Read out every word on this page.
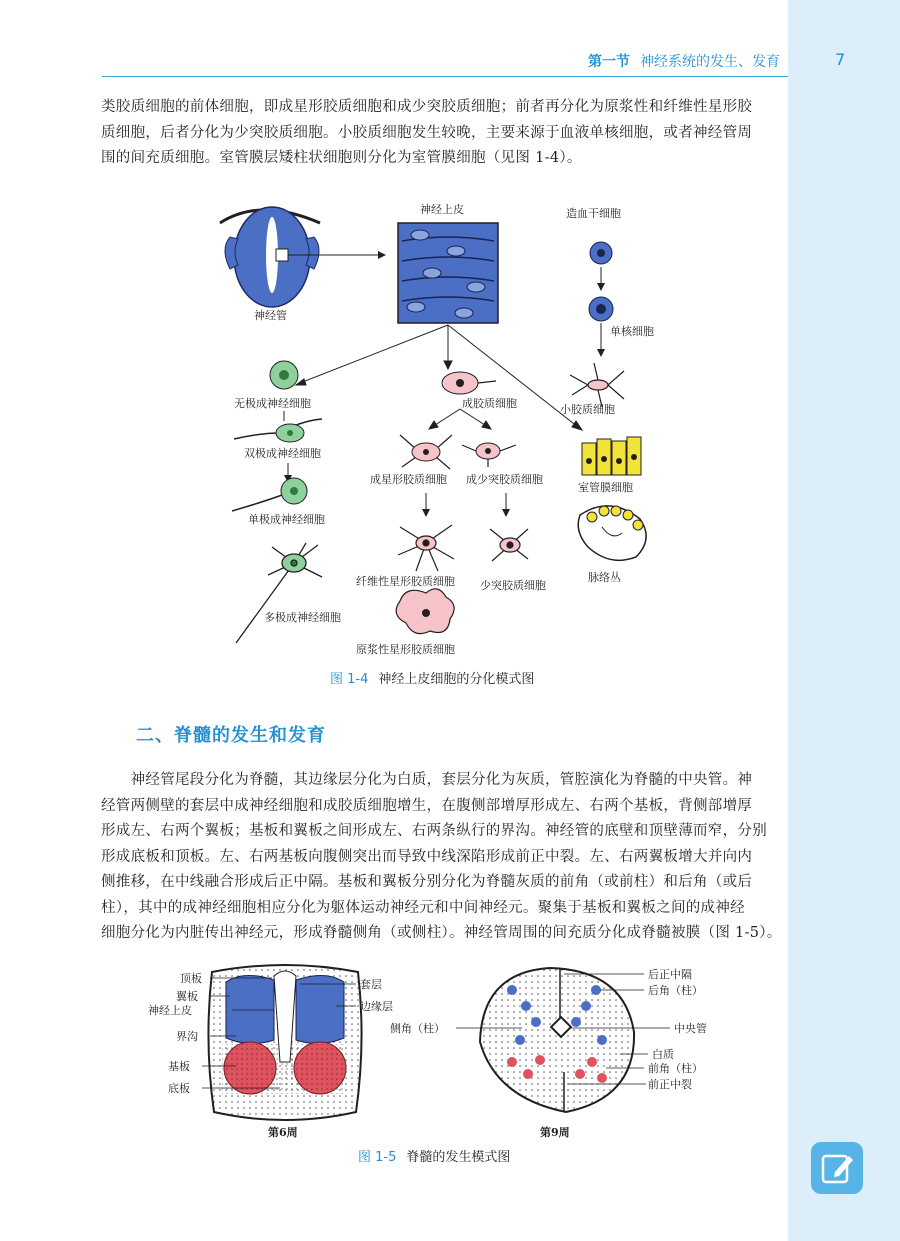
第一节 神经系统的发生、发育	7
类胶质细胞的前体细胞，即成星形胶质细胞和成少突胶质细胞；前者再分化为原浆性和纤维性星形胶
质细胞，后者分化为少突胶质细胞。小胶质细胞发生较晚，主要来源于血液单核细胞，或者神经管周
围的间充质细胞。室管膜层矮柱状细胞则分化为室管膜细胞（见图 1-4）。
神经管
神经上皮	造血干细胞
单核细胞
小胶质细胞
室管膜细胞
脉络丛
成胶质细胞
成星形胶质细胞 成少突胶质细胞
纤维性星形胶质细胞 少突胶质细胞
原浆性星形胶质细胞
无极成神经细胞
双极成神经细胞
单极成神经细胞
多极成神经细胞
图 1-4 神经上皮细胞的分化模式图
二、脊髓的发生和发育
　　神经管尾段分化为脊髓，其边缘层分化为白质，套层分化为灰质，管腔演化为脊髓的中央管。神
经管两侧壁的套层中成神经细胞和成胶质细胞增生，在腹侧部增厚形成左、右两个基板，背侧部增厚
形成左、右两个翼板；基板和翼板之间形成左、右两条纵行的界沟。神经管的底壁和顶壁薄而窄，分别
形成底板和顶板。左、右两基板向腹侧突出而导致中线深陷形成前正中裂。左、右两翼板增大并向内
侧推移，在中线融合形成后正中隔。基板和翼板分别分化为脊髓灰质的前角（或前柱）和后角（或后
柱），其中的成神经细胞相应分化为躯体运动神经元和中间神经元。聚集于基板和翼板之间的成神经
细胞分化为内脏传出神经元，形成脊髓侧角（或侧柱）。神经管周围的间充质分化成脊髓被膜（图 1-5）。
顶板
翼板
神经上皮
界沟
基板
底板
套层
边缘层
第6周
后正中隔
后角（柱）
侧角（柱）	中央管
白质
前角（柱）
前正中裂
第9周
图 1-5 脊髓的发生模式图
